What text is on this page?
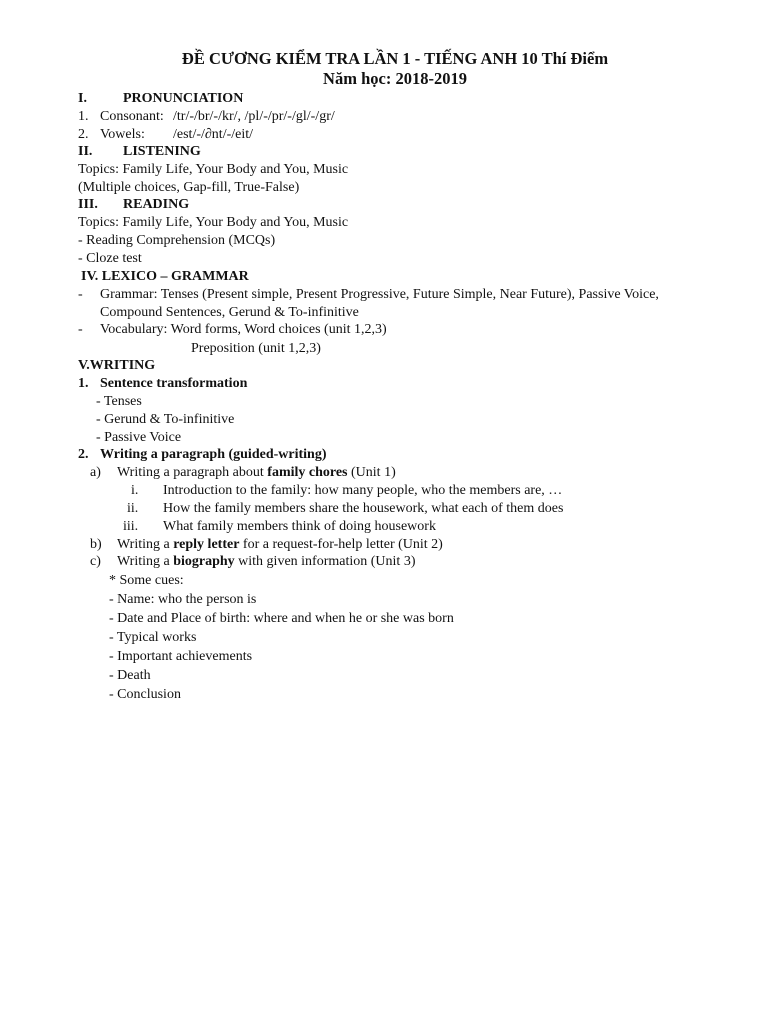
ĐỀ CƯƠNG KIỂM TRA LẦN 1 - TIẾNG ANH 10 Thí Điểm
Năm học: 2018-2019
I.	PRONUNCIATION
1. Consonant: /tr/-/br/-/kr/, /pl/-/pr/-/gl/-/gr/
2. Vowels: /est/-/∂nt/-/eit/
II. LISTENING
Topics: Family Life, Your Body and You, Music
(Multiple choices, Gap-fill, True-False)
III. READING
Topics: Family Life, Your Body and You, Music
- Reading Comprehension (MCQs)
- Cloze test
IV. LEXICO – GRAMMAR
- Grammar: Tenses (Present simple, Present Progressive, Future Simple, Near Future), Passive Voice,
Compound Sentences, Gerund & To-infinitive
- Vocabulary: Word forms, Word choices (unit 1,2,3)
Preposition (unit 1,2,3)
V.WRITING
1. Sentence transformation
- Tenses
- Gerund & To-infinitive
- Passive Voice
2. Writing a paragraph (guided-writing)
a) Writing a paragraph about family chores (Unit 1)
i. Introduction to the family: how many people, who the members are, …
ii. How the family members share the housework, what each of them does
iii. What family members think of doing housework
b) Writing a reply letter for a request-for-help letter (Unit 2)
c) Writing a biography with given information (Unit 3)
* Some cues:
- Name: who the person is
- Date and Place of birth: where and when he or she was born
- Typical works
- Important achievements
- Death
- Conclusion
